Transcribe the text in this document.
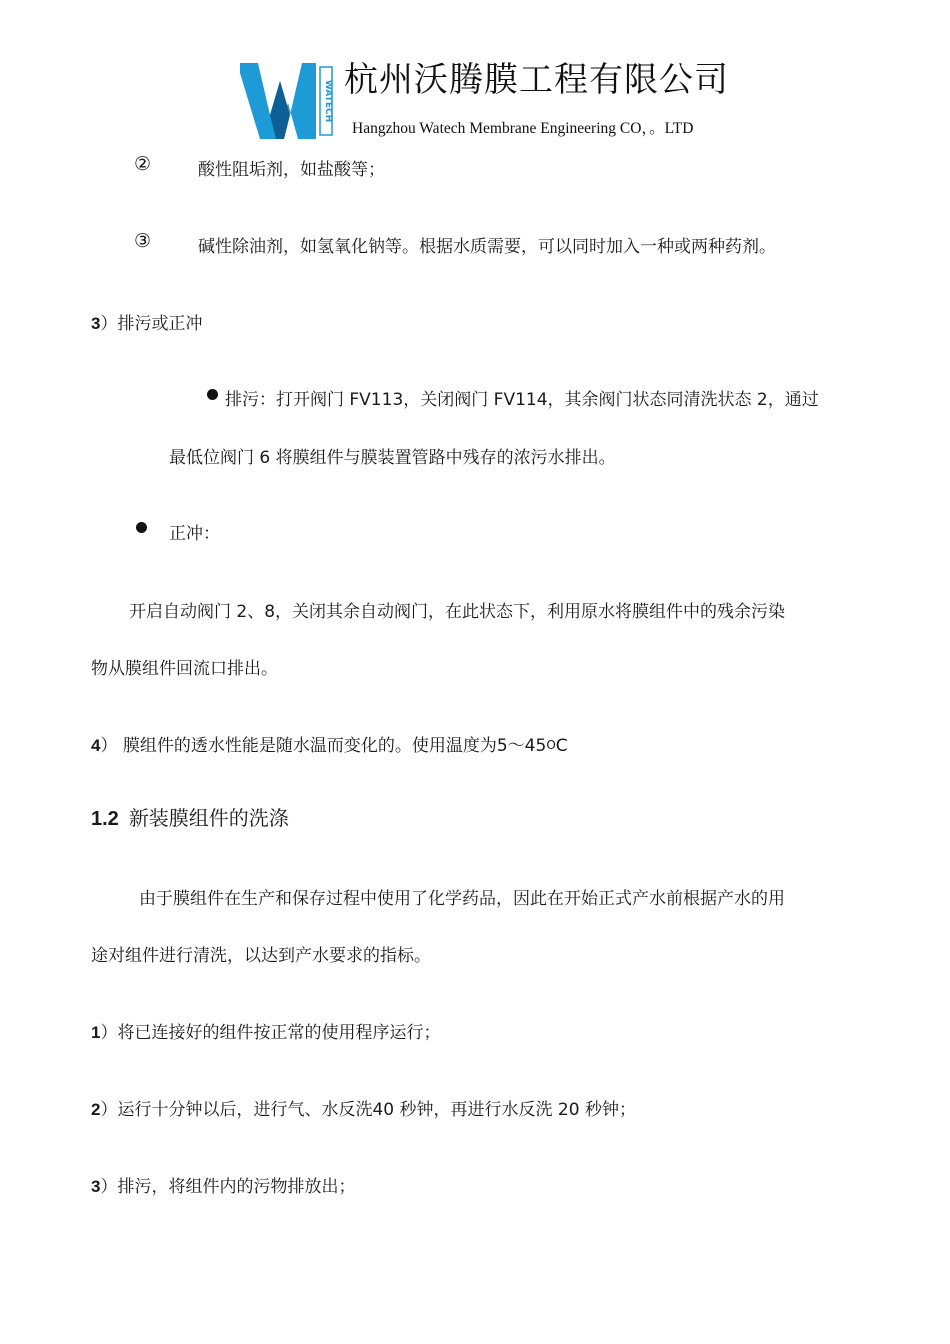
WATECH 杭州沃腾膜工程有限公司
Hangzhou Watech Membrane Engineering CO，。LTD
②	酸性阻垢剂，如盐酸等；
③	碱性除油剂，如氢氧化钠等。根据水质需要，可以同时加入一种或两种药剂。
3）排污或正冲
排污：打开阀门 FV113，关闭阀门 FV114，其余阀门状态同清洗状态 2，通过
最低位阀门 6 将膜组件与膜装置管路中残存的浓污水排出。
正冲：
开启自动阀门 2、8，关闭其余自动阀门，在此状态下，利用原水将膜组件中的残余污染
物从膜组件回流口排出。
4） 膜组件的透水性能是随水温而变化的。使用温度为5～45OC
1.2 新装膜组件的洗涤
由于膜组件在生产和保存过程中使用了化学药品，因此在开始正式产水前根据产水的用
途对组件进行清洗，以达到产水要求的指标。
1）将已连接好的组件按正常的使用程序运行；
2）运行十分钟以后，进行气、水反洗40 秒钟，再进行水反洗 20 秒钟；
3）排污，将组件内的污物排放出；
